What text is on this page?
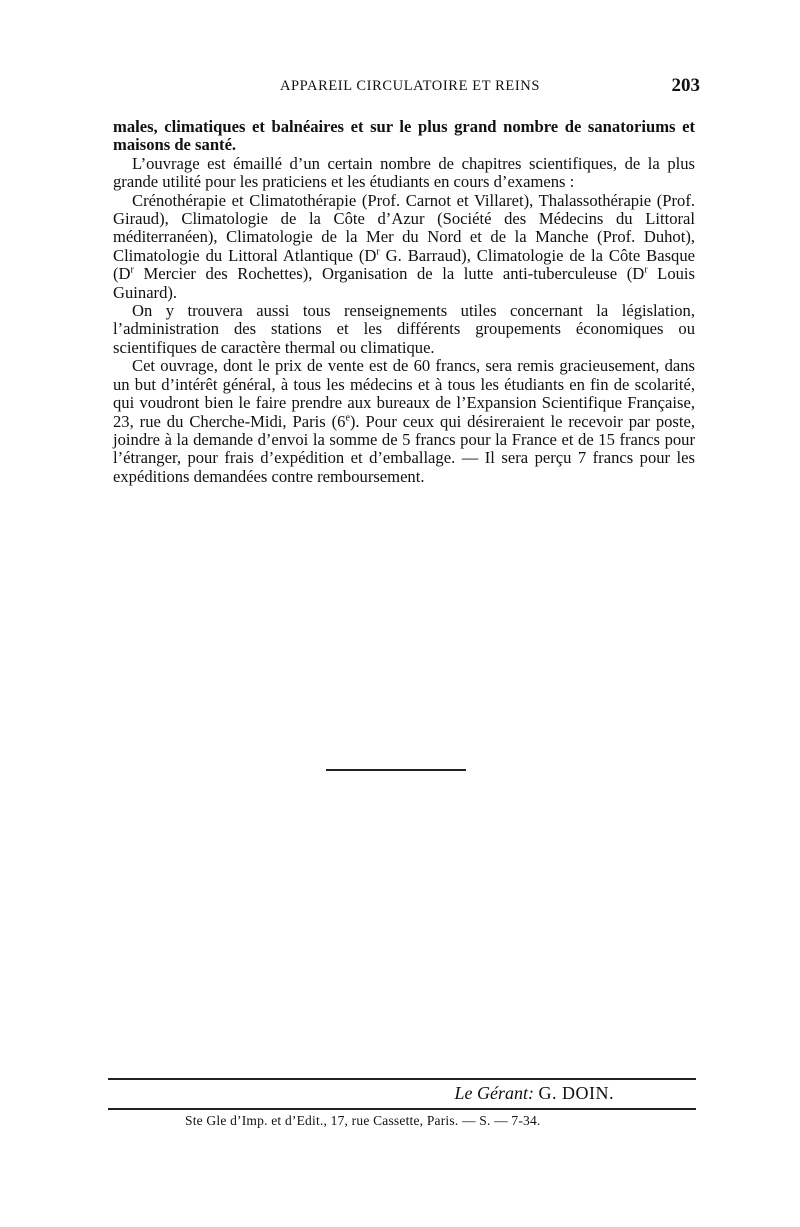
APPAREIL CIRCULATOIRE ET REINS	203

males, climatiques et balnéaires et sur le plus grand nombre de sanatoriums et maisons de santé.

L’ouvrage est émaillé d’un certain nombre de chapitres scientifiques, de la plus grande utilité pour les praticiens et les étudiants en cours d’examens :

Crénothérapie et Climatothérapie (Prof. Carnot et Villaret), Thalassothérapie (Prof. Giraud), Climatologie de la Côte d’Azur (Société des Médecins du Littoral méditerranéen), Climatologie de la Mer du Nord et de la Manche (Prof. Duhot), Climatologie du Littoral Atlantique ($D^r$ G. Barraud), Climatologie de la Côte Basque ($D^r$ Mercier des Rochettes), Organisation de la lutte anti-tuberculeuse ($D^r$ Louis Guinard).

On y trouvera aussi tous renseignements utiles concernant la législation, l’administration des stations et les différents groupements économiques ou scientifiques de caractère thermal ou climatique.

Cet ouvrage, dont le prix de vente est de 60 francs, sera remis gracieusement, dans un but d’intérêt général, à tous les médecins et à tous les étudiants en fin de scolarité, qui voudront bien le faire prendre aux bureaux de l’Expansion Scientifique Française, 23, rue du Cherche-Midi, Paris (6e). Pour ceux qui désireraient le recevoir par poste, joindre à la demande d’envoi la somme de 5 francs pour la France et de 15 francs pour l’étranger, pour frais d’expédition et d’emballage. — Il sera perçu 7 francs pour les expéditions demandées contre remboursement.

Le Gérant: G. DOIN.
Ste Gle d’Imp. et d’Edit., 17, rue Cassette, Paris. — S. — 7-34.
